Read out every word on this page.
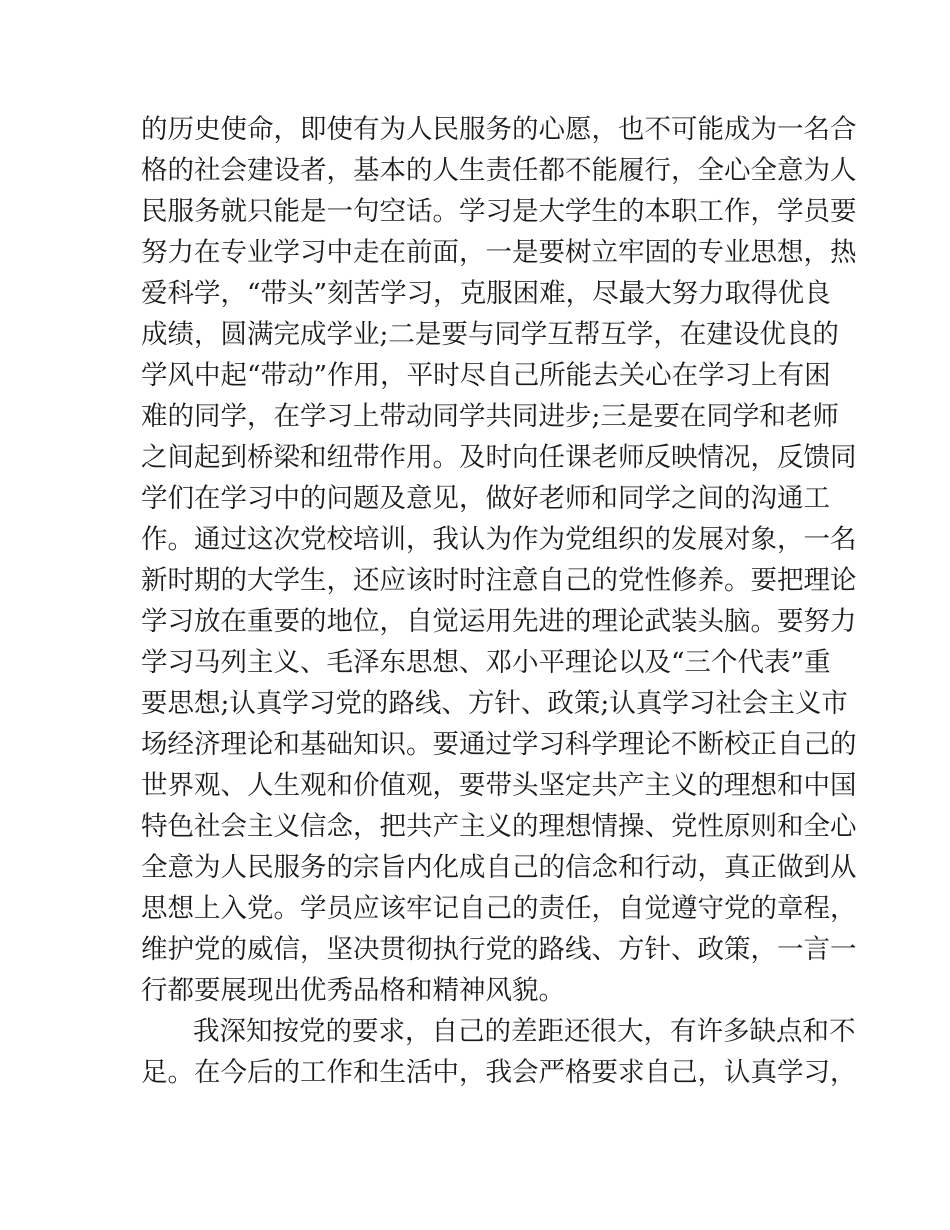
的历史使命，即使有为人民服务的心愿，也不可能成为一名合
格的社会建设者，基本的人生责任都不能履行，全心全意为人
民服务就只能是一句空话。学习是大学生的本职工作，学员要
努力在专业学习中走在前面，一是要树立牢固的专业思想，热
爱科学，“带头”刻苦学习，克服困难，尽最大努力取得优良
成绩，圆满完成学业;二是要与同学互帮互学，在建设优良的
学风中起“带动”作用，平时尽自己所能去关心在学习上有困
难的同学，在学习上带动同学共同进步;三是要在同学和老师
之间起到桥梁和纽带作用。及时向任课老师反映情况，反馈同
学们在学习中的问题及意见，做好老师和同学之间的沟通工
作。通过这次党校培训，我认为作为党组织的发展对象，一名
新时期的大学生，还应该时时注意自己的党性修养。要把理论
学习放在重要的地位，自觉运用先进的理论武装头脑。要努力
学习马列主义、毛泽东思想、邓小平理论以及“三个代表”重
要思想;认真学习党的路线、方针、政策;认真学习社会主义市
场经济理论和基础知识。要通过学习科学理论不断校正自己的
世界观、人生观和价值观，要带头坚定共产主义的理想和中国
特色社会主义信念，把共产主义的理想情操、党性原则和全心
全意为人民服务的宗旨内化成自己的信念和行动，真正做到从
思想上入党。学员应该牢记自己的责任，自觉遵守党的章程，
维护党的威信，坚决贯彻执行党的路线、方针、政策，一言一
行都要展现出优秀品格和精神风貌。
我深知按党的要求，自己的差距还很大，有许多缺点和不
足。在今后的工作和生活中，我会严格要求自己，认真学习，
